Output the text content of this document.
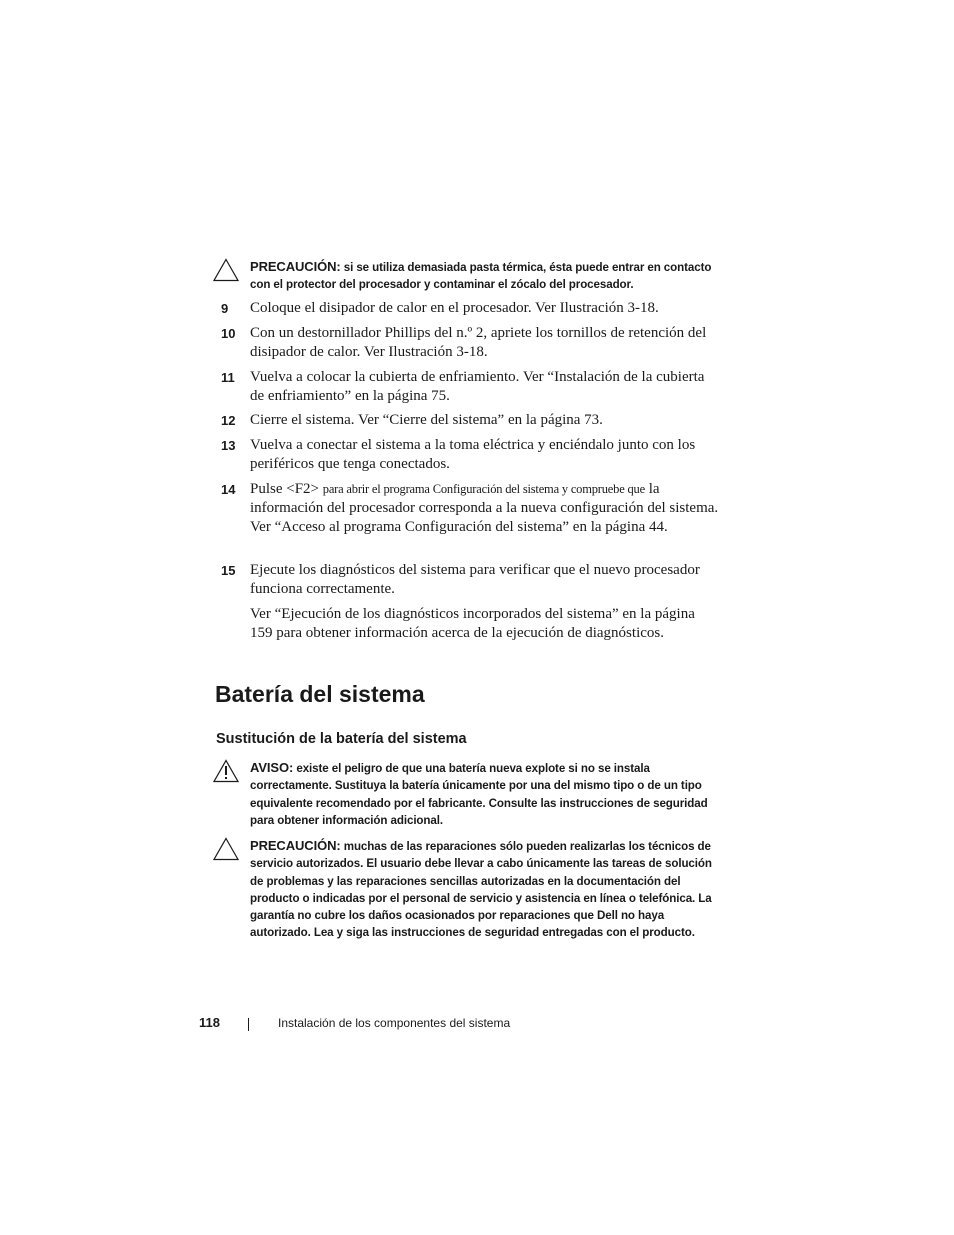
PRECAUCIÓN: si se utiliza demasiada pasta térmica, ésta puede entrar en contacto con el protector del procesador y contaminar el zócalo del procesador.
9 Coloque el disipador de calor en el procesador. Ver Ilustración 3-18.
10 Con un destornillador Phillips del n.º 2, apriete los tornillos de retención del disipador de calor. Ver Ilustración 3-18.
11 Vuelva a colocar la cubierta de enfriamiento. Ver “Instalación de la cubierta de enfriamiento” en la página 75.
12 Cierre el sistema. Ver “Cierre del sistema” en la página 73.
13 Vuelva a conectar el sistema a la toma eléctrica y enciéndalo junto con los periféricos que tenga conectados.
14 Pulse <F2> para abrir el programa Configuración del sistema y compruebe que la información del procesador corresponda a la nueva configuración del sistema. Ver “Acceso al programa Configuración del sistema” en la página 44.
15 Ejecute los diagnósticos del sistema para verificar que el nuevo procesador funciona correctamente.
Ver “Ejecución de los diagnósticos incorporados del sistema” en la página 159 para obtener información acerca de la ejecución de diagnósticos.
Batería del sistema
Sustitución de la batería del sistema
AVISO: existe el peligro de que una batería nueva explote si no se instala correctamente. Sustituya la batería únicamente por una del mismo tipo o de un tipo equivalente recomendado por el fabricante. Consulte las instrucciones de seguridad para obtener información adicional.
PRECAUCIÓN: muchas de las reparaciones sólo pueden realizarlas los técnicos de servicio autorizados. El usuario debe llevar a cabo únicamente las tareas de solución de problemas y las reparaciones sencillas autorizadas en la documentación del producto o indicadas por el personal de servicio y asistencia en línea o telefónica. La garantía no cubre los daños ocasionados por reparaciones que Dell no haya autorizado. Lea y siga las instrucciones de seguridad entregadas con el producto.
118	Instalación de los componentes del sistema
